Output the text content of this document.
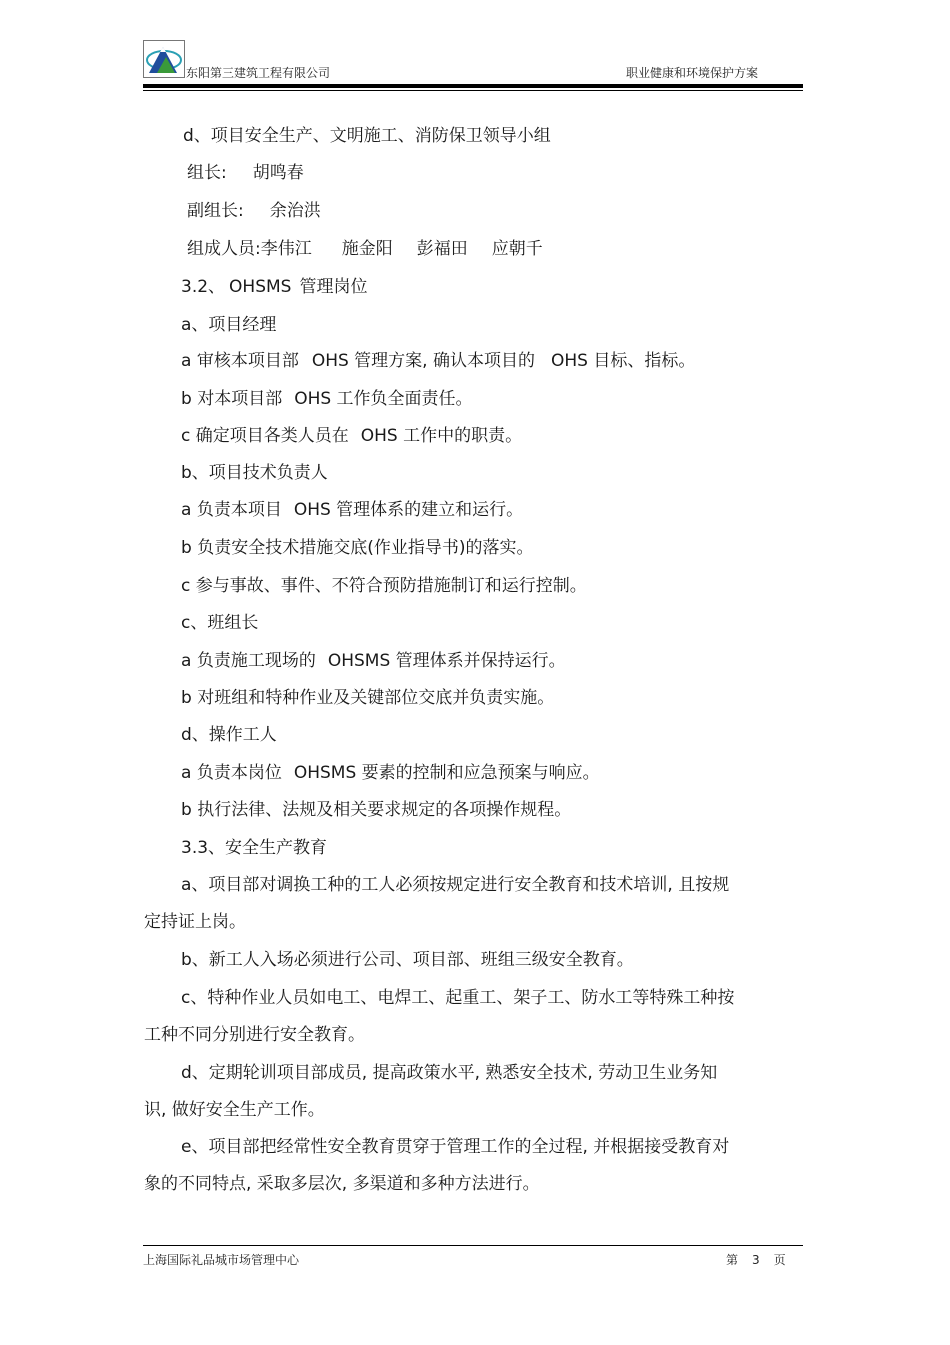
东阳第三建筑工程有限公司	职业健康和环境保护方案
d、项目安全生产、文明施工、消防保卫领导小组
组长: 胡鸣春
副组长: 余治洪
组成人员:李伟江 施金阳 彭福田 应朝千
3.2、 OHSMS 管理岗位
a、项目经理
a 审核本项目部 OHS 管理方案, 确认本项目的 OHS 目标、指标。
b 对本项目部 OHS 工作负全面责任。
c 确定项目各类人员在 OHS 工作中的职责。
b、项目技术负责人
a 负责本项目 OHS 管理体系的建立和运行。
b 负责安全技术措施交底(作业指导书)的落实。
c 参与事故、事件、不符合预防措施制订和运行控制。
c、班组长
a 负责施工现场的 OHSMS 管理体系并保持运行。
b 对班组和特种作业及关键部位交底并负责实施。
d、操作工人
a 负责本岗位 OHSMS 要素的控制和应急预案与响应。
b 执行法律、法规及相关要求规定的各项操作规程。
3.3、安全生产教育
a、项目部对调换工种的工人必须按规定进行安全教育和技术培训, 且按规
定持证上岗。
b、新工人入场必须进行公司、项目部、班组三级安全教育。
c、特种作业人员如电工、电焊工、起重工、架子工、防水工等特殊工种按
工种不同分别进行安全教育。
d、定期轮训项目部成员, 提高政策水平, 熟悉安全技术, 劳动卫生业务知
识, 做好安全生产工作。
e、项目部把经常性安全教育贯穿于管理工作的全过程, 并根据接受教育对
象的不同特点, 采取多层次, 多渠道和多种方法进行。
上海国际礼品城市场管理中心	第 3 页
